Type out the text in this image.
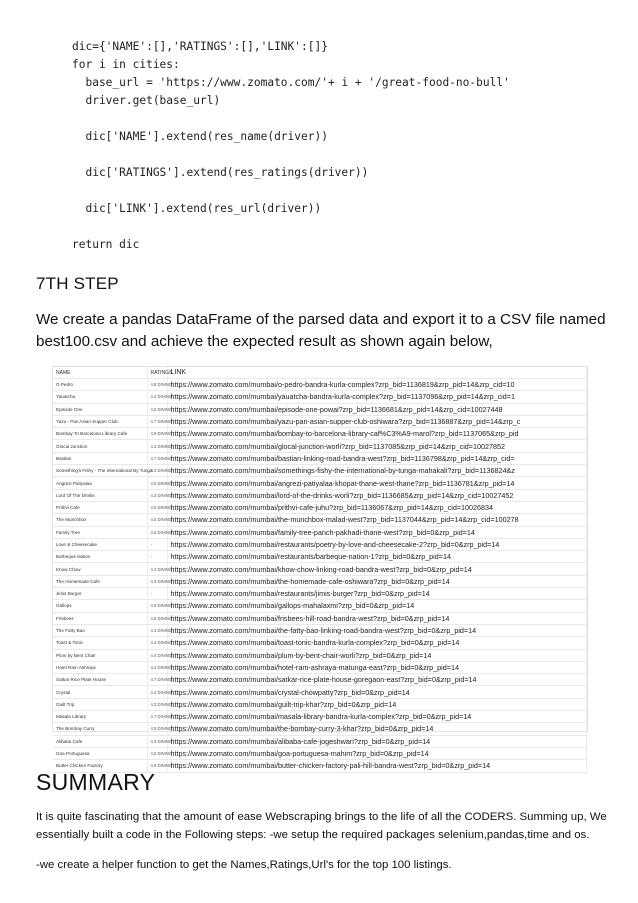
dic={'NAME':[],'RATINGS':[],'LINK':[]}
for i in cities:
base_url = 'https://www.zomato.com/'+ i + '/great-food-no-bull'
driver.get(base_url)
dic['NAME'].extend(res_name(driver))
dic['RATINGS'].extend(res_ratings(driver))
dic['LINK'].extend(res_url(driver))
return dic
7TH STEP
We create a pandas DataFrame of the parsed data and export it to a CSV file named best100.csv and achieve the expected result as shown again below,
NAME	RATINGS	LINK
O Pedro	4.8 DINING	https://www.zomato.com/mumbai/o-pedro-bandra-kurla-complex?zrp_bid=1136819&zrp_pid=14&zrp_cid=10
Yauatcha	4.4 DINING	https://www.zomato.com/mumbai/yauatcha-bandra-kurla-complex?zrp_bid=1137096&zrp_pid=14&zrp_cid=1
Episode One	4.5 DINING	https://www.zomato.com/mumbai/episode-one-powai?zrp_bid=1136681&zrp_pid=14&zrp_cid=10027448
Yazu - Pan Asian Supper Club	4.7 DINING	https://www.zomato.com/mumbai/yazu-pan-asian-supper-club-oshiwara?zrp_bid=1136887&zrp_pid=14&zrp_c
Bombay To Barcelona Library Cafe	4.9 DINING	https://www.zomato.com/mumbai/bombay-to-barcelona-library-caf%C3%A9-marol?zrp_bid=1137065&zrp_pid
Glocal Junction	4.3 DINING	https://www.zomato.com/mumbai/glocal-junction-worli?zrp_bid=1137085&zrp_pid=14&zrp_cid=10027852
Bastian	4.7 DINING	https://www.zomato.com/mumbai/bastian-linking-road-bandra-west?zrp_bid=1136798&zrp_pid=14&zrp_cid=
Something's Fishy - The International By Tunga	4.3 DINING	https://www.zomato.com/mumbai/somethings-fishy-the-international-by-tunga-mahakali?zrp_bid=1136824&z
Angrezi Patiyalaa	4.5 DINING	https://www.zomato.com/mumbai/angrezi-patiyalaa-khopat-thane-west-thane?zrp_bid=1136781&zrp_pid=14
Lord Of The Drinks	4.3 DINING	https://www.zomato.com/mumbai/lord-of-the-drinks-worli?zrp_bid=1136685&zrp_pid=14&zrp_cid=10027452
Prithvi Cafe	4.5 DINING	https://www.zomato.com/mumbai/prithvi-cafe-juhu?zrp_bid=1136067&zrp_pid=14&zrp_cid=10026834
The Munchbox	4.5 DINING	https://www.zomato.com/mumbai/the-munchbox-malad-west?zrp_bid=1137044&zrp_pid=14&zrp_cid=100278
Family Tree	4.6 DINING	https://www.zomato.com/mumbai/family-tree-panch-pakhadi-thane-west?zrp_bid=0&zrp_pid=14
Love & Cheesecake	-	https://www.zomato.com/mumbai/restaurants/poetry-by-love-and-cheesecake-2?zrp_bid=0&zrp_pid=14
Barbeque Nation	-	https://www.zomato.com/mumbai/restaurants/barbeque-nation-1?zrp_bid=0&zrp_pid=14
Khow Chow	4.4 DINING	https://www.zomato.com/mumbai/khow-chow-linking-road-bandra-west?zrp_bid=0&zrp_pid=14
The Homemade Cafe	4.3 DINING	https://www.zomato.com/mumbai/the-homemade-cafe-oshiwara?zrp_bid=0&zrp_pid=14
Jimis Burger	-	https://www.zomato.com/mumbai/restaurants/jimis-burger?zrp_bid=0&zrp_pid=14
Gallops	4.5 DINING	https://www.zomato.com/mumbai/gallops-mahalaxmi?zrp_bid=0&zrp_pid=14
Frisbees	4.5 DINING	https://www.zomato.com/mumbai/frisbees-hill-road-bandra-west?zrp_bid=0&zrp_pid=14
The Fatty Bao	4.3 DINING	https://www.zomato.com/mumbai/the-fatty-bao-linking-road-bandra-west?zrp_bid=0&zrp_pid=14
Toast & Tonic	4.3 DINING	https://www.zomato.com/mumbai/toast-tonic-bandra-kurla-complex?zrp_bid=0&zrp_pid=14
Plum by Bent Chair	4.4 DINING	https://www.zomato.com/mumbai/plum-by-bent-chair-worli?zrp_bid=0&zrp_pid=14
Hotel Ram Ashraya	4.4 DINING	https://www.zomato.com/mumbai/hotel-ram-ashraya-matunga-east?zrp_bid=0&zrp_pid=14
Satkar Rice Plate House	4.7 DINING	https://www.zomato.com/mumbai/satkar-rice-plate-house-goregaon-east?zrp_bid=0&zrp_pid=14
Crystal	4.4 DINING	https://www.zomato.com/mumbai/crystal-chowpatty?zrp_bid=0&zrp_pid=14
Guilt Trip	4.3 DINING	https://www.zomato.com/mumbai/guilt-trip-khar?zrp_bid=0&zrp_pid=14
Masala Library	4.7 DINING	https://www.zomato.com/mumbai/masala-library-bandra-kurla-complex?zrp_bid=0&zrp_pid=14
The Bombay Curry	4.5 DINING	https://www.zomato.com/mumbai/the-bombay-curry-3-khar?zrp_bid=0&zrp_pid=14
Alibaba Cafe	4.3 DINING	https://www.zomato.com/mumbai/alibaba-cafe-jogeshwari?zrp_bid=0&zrp_pid=14
Goa Portuguesa	4.5 DINING	https://www.zomato.com/mumbai/goa-portuguesa-mahim?zrp_bid=0&zrp_pid=14
Butter Chicken Factory	4.6 DINING	https://www.zomato.com/mumbai/butter-chicken-factory-pali-hill-bandra-west?zrp_bid=0&zrp_pid=14
SUMMARY
It is quite fascinating that the amount of ease Webscraping brings to the life of all the CODERS. Summing up, We essentially built a code in the Following steps: -we setup the required packages selenium,pandas,time and os.
-we create a helper function to get the Names,Ratings,Url's for the top 100 listings.
